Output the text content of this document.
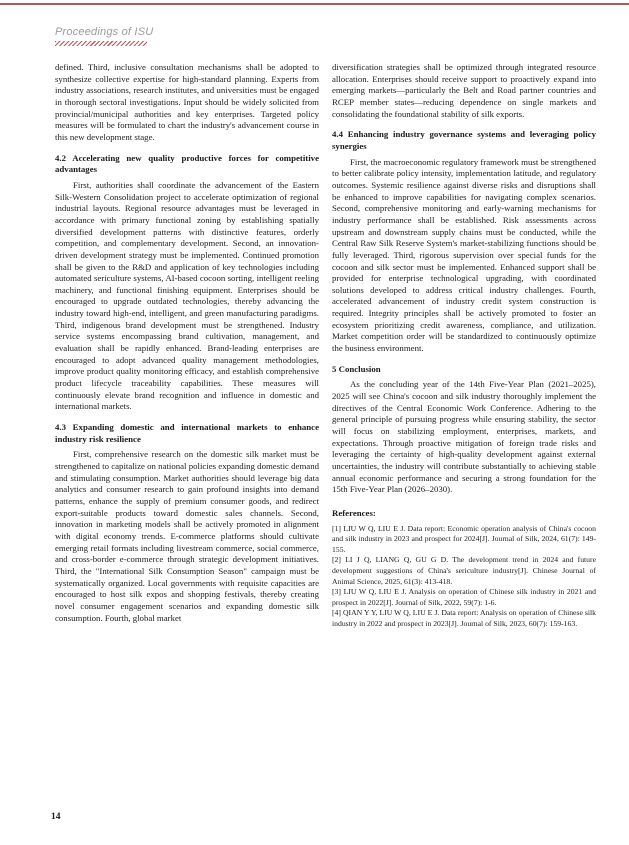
Proceedings of ISU

defined. Third, inclusive consultation mechanisms shall be adopted to synthesize collective expertise for high-standard planning. Experts from industry associations, research institutes, and universities must be engaged in thorough sectoral investigations. Input should be widely solicited from provincial/municipal authorities and key enterprises. Targeted policy measures will be formulated to chart the industry's advancement course in this new development stage.

4.2 Accelerating new quality productive forces for competitive advantages

First, authorities shall coordinate the advancement of the Eastern Silk-Western Consolidation project to accelerate optimization of regional industrial layouts. Regional resource advantages must be leveraged in accordance with primary functional zoning by establishing spatially diversified development patterns with distinctive features, orderly competition, and complementary development. Second, an innovation-driven development strategy must be implemented. Continued promotion shall be given to the R&D and application of key technologies including automated sericulture systems, AI-based cocoon sorting, intelligent reeling machinery, and functional finishing equipment. Enterprises should be encouraged to upgrade outdated technologies, thereby advancing the industry toward high-end, intelligent, and green manufacturing paradigms. Third, indigenous brand development must be strengthened. Industry service systems encompassing brand cultivation, management, and evaluation shall be rapidly enhanced. Brand-leading enterprises are encouraged to adopt advanced quality management methodologies, improve product quality monitoring efficacy, and establish comprehensive product lifecycle traceability capabilities. These measures will continuously elevate brand recognition and influence in domestic and international markets.

4.3 Expanding domestic and international markets to enhance industry risk resilience

First, comprehensive research on the domestic silk market must be strengthened to capitalize on national policies expanding domestic demand and stimulating consumption. Market authorities should leverage big data analytics and consumer research to gain profound insights into demand patterns, enhance the supply of premium consumer goods, and redirect export-suitable products toward domestic sales channels. Second, innovation in marketing models shall be actively promoted in alignment with digital economy trends. E-commerce platforms should cultivate emerging retail formats including livestream commerce, social commerce, and cross-border e-commerce through strategic development initiatives. Third, the "International Silk Consumption Season" campaign must be systematically organized. Local governments with requisite capacities are encouraged to host silk expos and shopping festivals, thereby creating novel consumer engagement scenarios and expanding domestic silk consumption. Fourth, global market

diversification strategies shall be optimized through integrated resource allocation. Enterprises should receive support to proactively expand into emerging markets—particularly the Belt and Road partner countries and RCEP member states—reducing dependence on single markets and consolidating the foundational stability of silk exports.

4.4 Enhancing industry governance systems and leveraging policy synergies

First, the macroeconomic regulatory framework must be strengthened to better calibrate policy intensity, implementation latitude, and regulatory outcomes. Systemic resilience against diverse risks and disruptions shall be enhanced to improve capabilities for navigating complex scenarios. Second, comprehensive monitoring and early-warning mechanisms for industry performance shall be established. Risk assessments across upstream and downstream supply chains must be conducted, while the Central Raw Silk Reserve System's market-stabilizing functions should be fully leveraged. Third, rigorous supervision over special funds for the cocoon and silk sector must be implemented. Enhanced support shall be provided for enterprise technological upgrading, with coordinated solutions developed to address critical industry challenges. Fourth, accelerated advancement of industry credit system construction is required. Integrity principles shall be actively promoted to foster an ecosystem prioritizing credit awareness, compliance, and utilization. Market competition order will be standardized to continuously optimize the business environment.

5 Conclusion

As the concluding year of the 14th Five-Year Plan (2021–2025), 2025 will see China's cocoon and silk industry thoroughly implement the directives of the Central Economic Work Conference. Adhering to the general principle of pursuing progress while ensuring stability, the sector will focus on stabilizing employment, enterprises, markets, and expectations. Through proactive mitigation of foreign trade risks and leveraging the certainty of high-quality development against external uncertainties, the industry will contribute substantially to achieving stable annual economic performance and securing a strong foundation for the 15th Five-Year Plan (2026–2030).

References:

[1] LIU W Q, LIU E J. Data report: Economic operation analysis of China's cocoon and silk industry in 2023 and prospect for 2024[J]. Journal of Silk, 2024, 61(7): 149-155.

[2] LI J Q, LIANG Q, GU G D. The development trend in 2024 and future development suggestions of China's sericulture industry[J]. Chinese Journal of Animal Science, 2025, 61(3): 413-418.

[3] LIU W Q, LIU E J. Analysis on operation of Chinese silk industry in 2021 and prospect in 2022[J]. Journal of Silk, 2022, 59(7): 1-6.

[4] QIAN Y Y, LIU W Q, LIU E J. Data report: Analysis on operation of Chinese silk industry in 2022 and prospect in 2023[J]. Journal of Silk, 2023, 60(7): 159-163.

14
